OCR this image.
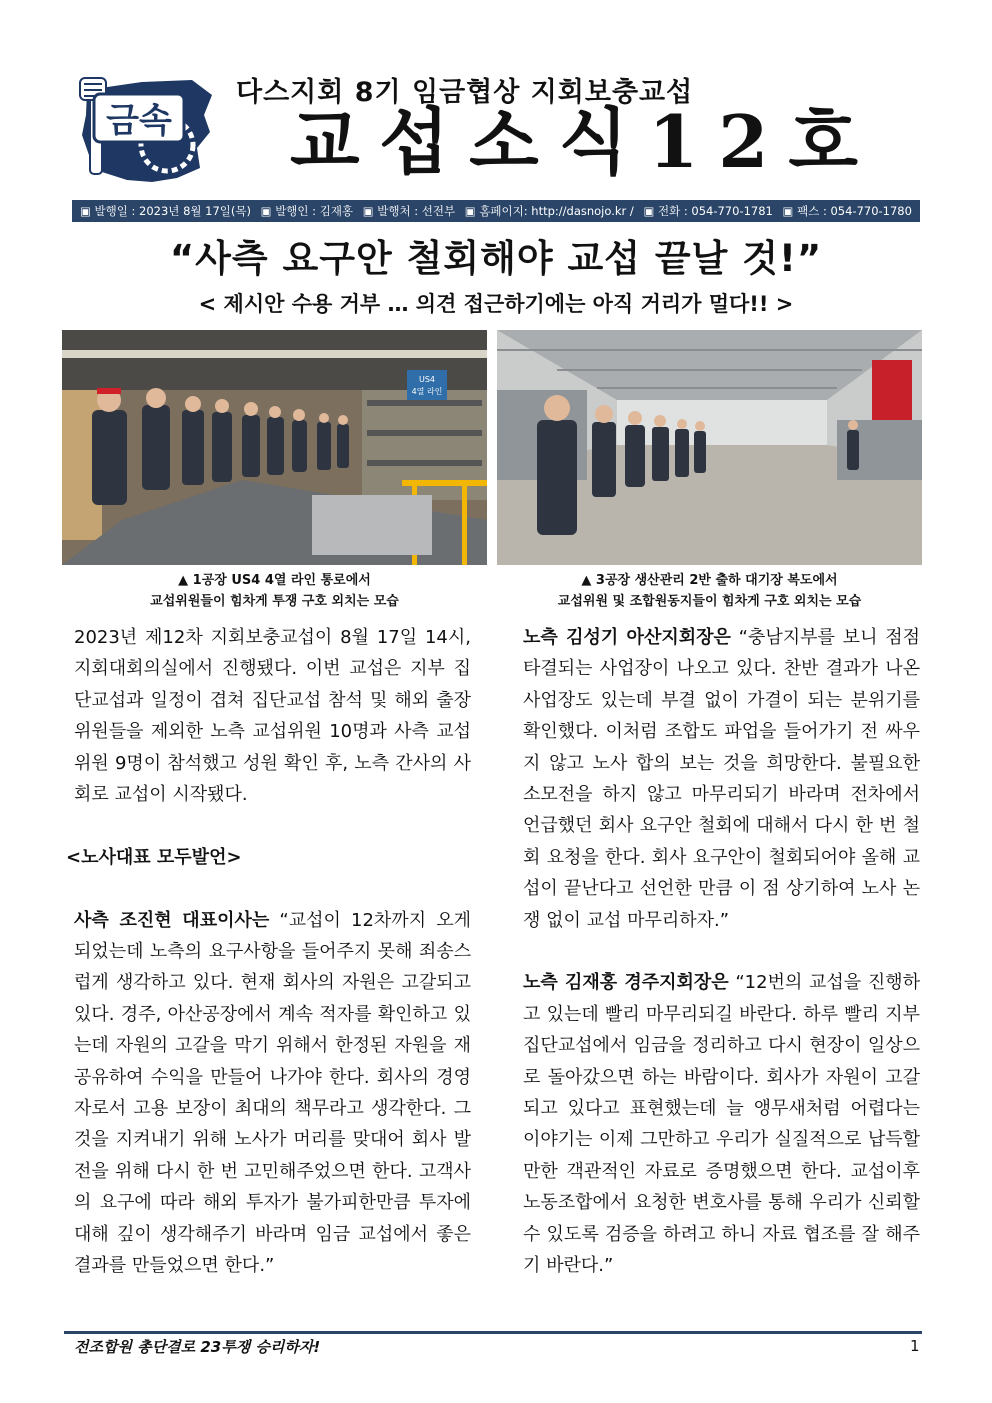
금속
다스지회 8기 임금협상 지회보충교섭
교섭소식12호
▣ 발행일 : 2023년 8월 17일(목) ▣ 발행인 : 김재홍 ▣ 발행처 : 선전부 ▣ 홈페이지: http://dasnojo.kr / ▣ 전화 : 054-770-1781 ▣ 팩스 : 054-770-1780
“사측 요구안 철회해야 교섭 끝날 것!”
< 제시안 수용 거부 … 의견 접근하기에는 아직 거리가 멀다!! >
US4
4열 라인
▲ 1공장 US4 4열 라인 통로에서
교섭위원들이 힘차게 투쟁 구호 외치는 모습
▲ 3공장 생산관리 2반 출하 대기장 복도에서
교섭위원 및 조합원동지들이 힘차게 구호 외치는 모습

2023년 제12차 지회보충교섭이 8월 17일 14시, 지회대회의실에서 진행됐다. 이번 교섭은 지부 집단교섭과 일정이 겹쳐 집단교섭 참석 및 해외 출장 위원들을 제외한 노측 교섭위원 10명과 사측 교섭위원 9명이 참석했고 성원 확인 후, 노측 간사의 사회로 교섭이 시작됐다.

<노사대표 모두발언>

사측 조진현 대표이사는 “교섭이 12차까지 오게 되었는데 노측의 요구사항을 들어주지 못해 죄송스럽게 생각하고 있다. 현재 회사의 자원은 고갈되고 있다. 경주, 아산공장에서 계속 적자를 확인하고 있는데 자원의 고갈을 막기 위해서 한정된 자원을 재 공유하여 수익을 만들어 나가야 한다. 회사의 경영자로서 고용 보장이 최대의 책무라고 생각한다. 그것을 지켜내기 위해 노사가 머리를 맞대어 회사 발전을 위해 다시 한 번 고민해주었으면 한다. 고객사의 요구에 따라 해외 투자가 불가피한만큼 투자에 대해 깊이 생각해주기 바라며 임금 교섭에서 좋은 결과를 만들었으면 한다.”

노측 김성기 아산지회장은 “충남지부를 보니 점점 타결되는 사업장이 나오고 있다. 찬반 결과가 나온 사업장도 있는데 부결 없이 가결이 되는 분위기를 확인했다. 이처럼 조합도 파업을 들어가기 전 싸우지 않고 노사 합의 보는 것을 희망한다. 불필요한 소모전을 하지 않고 마무리되기 바라며 전차에서 언급했던 회사 요구안 철회에 대해서 다시 한 번 철회 요청을 한다. 회사 요구안이 철회되어야 올해 교섭이 끝난다고 선언한 만큼 이 점 상기하여 노사 논쟁 없이 교섭 마무리하자.”

노측 김재홍 경주지회장은 “12번의 교섭을 진행하고 있는데 빨리 마무리되길 바란다. 하루 빨리 지부집단교섭에서 임금을 정리하고 다시 현장이 일상으로 돌아갔으면 하는 바람이다. 회사가 자원이 고갈되고 있다고 표현했는데 늘 앵무새처럼 어렵다는 이야기는 이제 그만하고 우리가 실질적으로 납득할만한 객관적인 자료로 증명했으면 한다. 교섭이후 노동조합에서 요청한 변호사를 통해 우리가 신뢰할 수 있도록 검증을 하려고 하니 자료 협조를 잘 해주기 바란다.”

전조합원 총단결로 23투쟁 승리하자!	1
